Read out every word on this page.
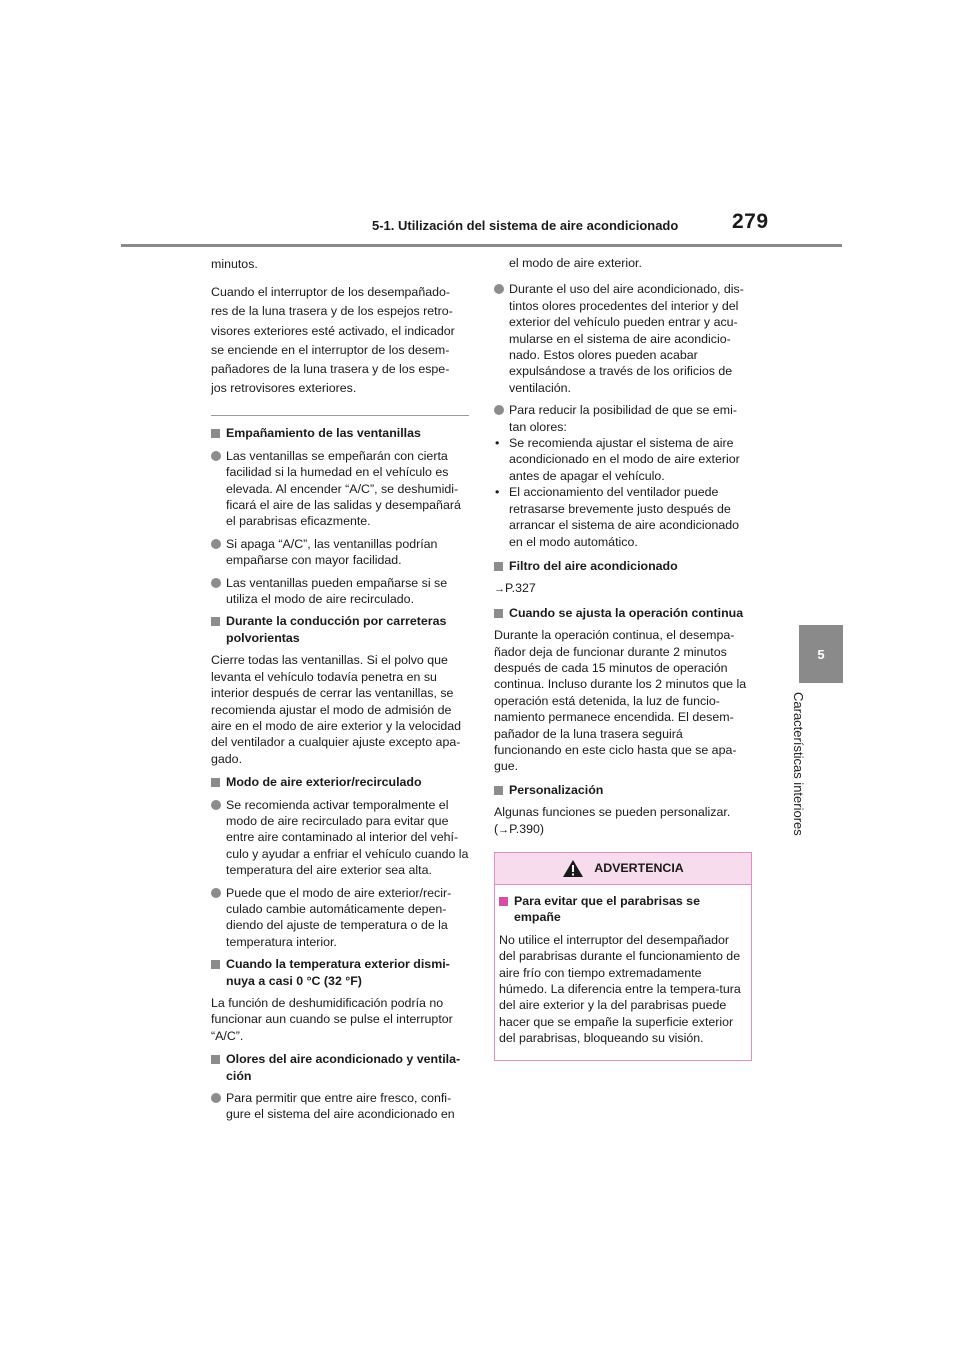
5-1. Utilización del sistema de aire acondicionado	279
5
Características interiores
minutos.
Cuando el interruptor de los desempañado-
res de la luna trasera y de los espejos retro-
visores exteriores esté activado, el indicador
se enciende en el interruptor de los desem-
pañadores de la luna trasera y de los espe-
jos retrovisores exteriores.
Empañamiento de las ventanillas
Las ventanillas se empeñarán con cierta facilidad si la humedad en el vehículo es elevada. Al encender “A/C”, se deshumidi-ficará el aire de las salidas y desempañará el parabrisas eficazmente.
Si apaga “A/C”, las ventanillas podrían empañarse con mayor facilidad.
Las ventanillas pueden empañarse si se utiliza el modo de aire recirculado.
Durante la conducción por carreteras polvorientas

Cierre todas las ventanillas. Si el polvo que levanta el vehículo todavía penetra en su interior después de cerrar las ventanillas, se recomienda ajustar el modo de admisión de aire en el modo de aire exterior y la velocidad del ventilador a cualquier ajuste excepto apa-gado.

Modo de aire exterior/recirculado
Se recomienda activar temporalmente el modo de aire recirculado para evitar que entre aire contaminado al interior del vehí-culo y ayudar a enfriar el vehículo cuando la temperatura del aire exterior sea alta.
Puede que el modo de aire exterior/recir-culado cambie automáticamente depen-diendo del ajuste de temperatura o de la temperatura interior.
Cuando la temperatura exterior dismi-nuya a casi 0 °C (32 °F)

La función de deshumidificación podría no funcionar aun cuando se pulse el interruptor “A/C”.

Olores del aire acondicionado y ventila-ción
Para permitir que entre aire fresco, confi-gure el sistema del aire acondicionado en

el modo de aire exterior.

Durante el uso del aire acondicionado, dis-tintos olores procedentes del interior y del exterior del vehículo pueden entrar y acu-mularse en el sistema de aire acondicio-nado. Estos olores pueden acabar expulsándose a través de los orificios de ventilación.
Para reducir la posibilidad de que se emi-tan olores:
• Se recomienda ajustar el sistema de aire acondicionado en el modo de aire exterior antes de apagar el vehículo.
• El accionamiento del ventilador puede retrasarse brevemente justo después de arrancar el sistema de aire acondicionado en el modo automático.
Filtro del aire acondicionado

→P.327

Cuando se ajusta la operación continua

Durante la operación continua, el desempa-ñador deja de funcionar durante 2 minutos después de cada 15 minutos de operación continua. Incluso durante los 2 minutos que la operación está detenida, la luz de funcio-namiento permanece encendida. El desem-pañador de la luna trasera seguirá funcionando en este ciclo hasta que se apa-gue.

Personalización

Algunas funciones se pueden personalizar.
(→P.390)

ADVERTENCIA
Para evitar que el parabrisas se empañe

No utilice el interruptor del desempañador del parabrisas durante el funcionamiento de aire frío con tiempo extremadamente húmedo. La diferencia entre la tempera-tura del aire exterior y la del parabrisas puede hacer que se empañe la superficie exterior del parabrisas, bloqueando su visión.
